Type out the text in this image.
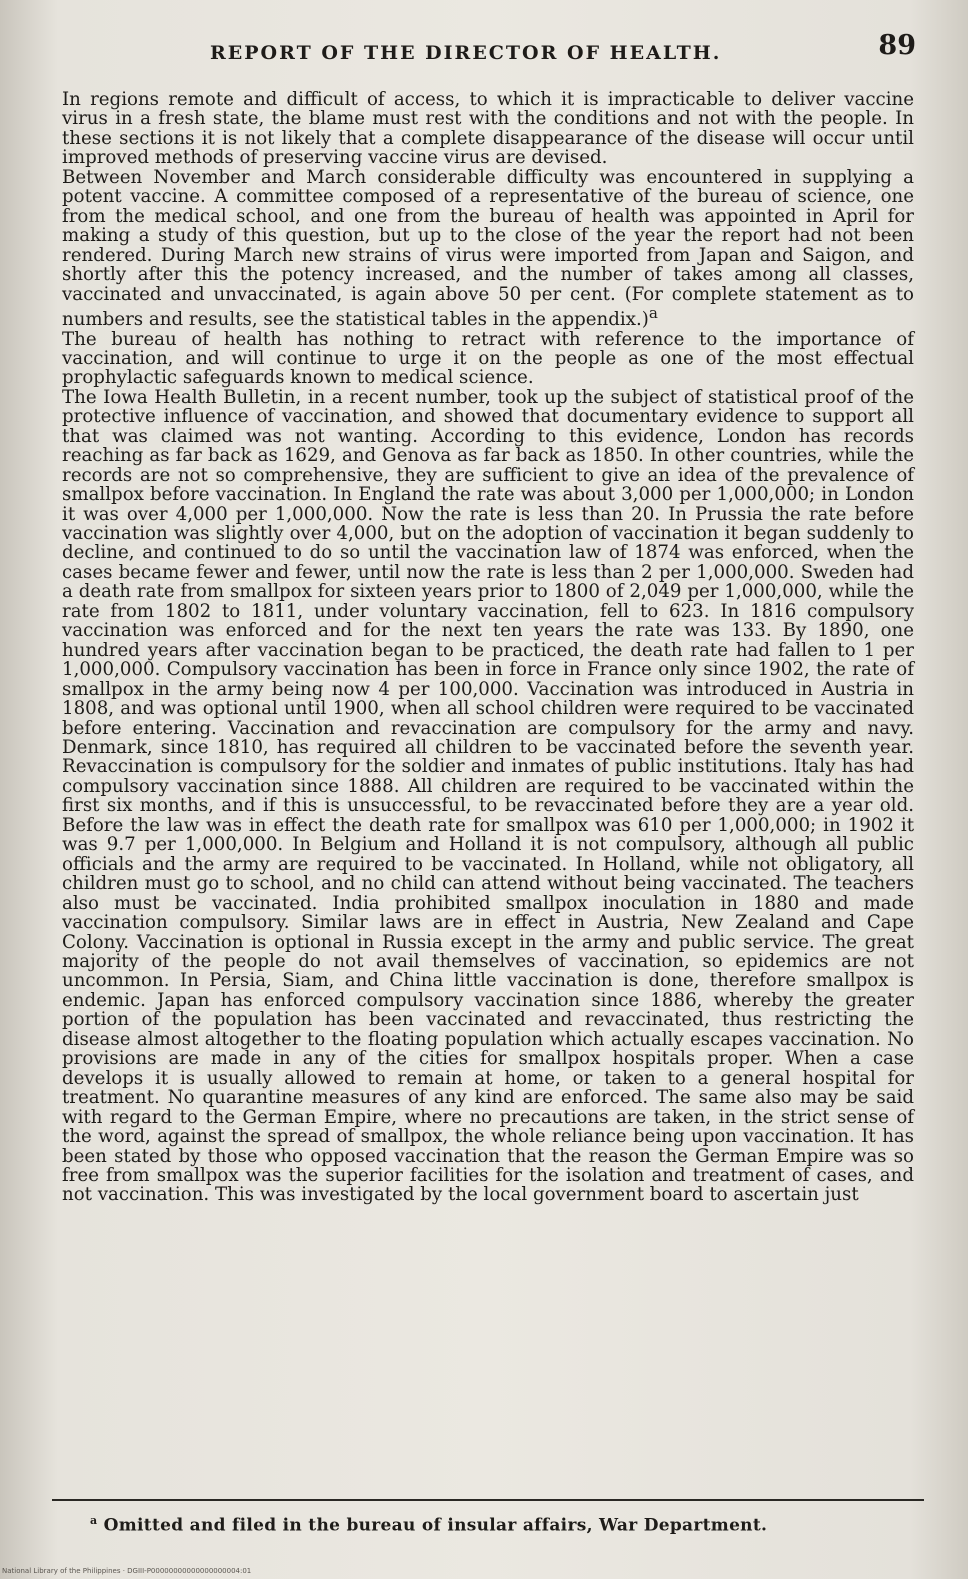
REPORT OF THE DIRECTOR OF HEALTH.	89

In regions remote and difficult of access, to which it is impracticable to deliver vaccine virus in a fresh state, the blame must rest with the conditions and not with the people. In these sections it is not likely that a complete disappearance of the disease will occur until improved methods of preserving vaccine virus are devised.

Between November and March considerable difficulty was encountered in supplying a potent vaccine. A committee composed of a representative of the bureau of science, one from the medical school, and one from the bureau of health was appointed in April for making a study of this question, but up to the close of the year the report had not been rendered. During March new strains of virus were imported from Japan and Saigon, and shortly after this the potency increased, and the number of takes among all classes, vaccinated and unvaccinated, is again above 50 per cent. (For complete statement as to numbers and results, see the statistical tables in the appendix.)$^a$

The bureau of health has nothing to retract with reference to the importance of vaccination, and will continue to urge it on the people as one of the most effectual prophylactic safeguards known to medical science.

The Iowa Health Bulletin, in a recent number, took up the subject of statistical proof of the protective influence of vaccination, and showed that documentary evidence to support all that was claimed was not wanting. According to this evidence, London has records reaching as far back as 1629, and Genova as far back as 1850. In other countries, while the records are not so comprehensive, they are sufficient to give an idea of the prevalence of smallpox before vaccination. In England the rate was about 3,000 per 1,000,000; in London it was over 4,000 per 1,000,000. Now the rate is less than 20. In Prussia the rate before vaccination was slightly over 4,000, but on the adoption of vaccination it began suddenly to decline, and continued to do so until the vaccination law of 1874 was enforced, when the cases became fewer and fewer, until now the rate is less than 2 per 1,000,000. Sweden had a death rate from smallpox for sixteen years prior to 1800 of 2,049 per 1,000,000, while the rate from 1802 to 1811, under voluntary vaccination, fell to 623. In 1816 compulsory vaccination was enforced and for the next ten years the rate was 133. By 1890, one hundred years after vaccination began to be practiced, the death rate had fallen to 1 per 1,000,000. Compulsory vaccination has been in force in France only since 1902, the rate of smallpox in the army being now 4 per 100,000. Vaccination was introduced in Austria in 1808, and was optional until 1900, when all school children were required to be vaccinated before entering. Vaccination and revaccination are compulsory for the army and navy. Denmark, since 1810, has required all children to be vaccinated before the seventh year. Revaccination is compulsory for the soldier and inmates of public institutions. Italy has had compulsory vaccination since 1888. All children are required to be vaccinated within the first six months, and if this is unsuccessful, to be revaccinated before they are a year old. Before the law was in effect the death rate for smallpox was 610 per 1,000,000; in 1902 it was 9.7 per 1,000,000. In Belgium and Holland it is not compulsory, although all public officials and the army are required to be vaccinated. In Holland, while not obligatory, all children must go to school, and no child can attend without being vaccinated. The teachers also must be vaccinated. India prohibited smallpox inoculation in 1880 and made vaccination compulsory. Similar laws are in effect in Austria, New Zealand and Cape Colony. Vaccination is optional in Russia except in the army and public service. The great majority of the people do not avail themselves of vaccination, so epidemics are not uncommon. In Persia, Siam, and China little vaccination is done, therefore smallpox is endemic. Japan has enforced compulsory vaccination since 1886, whereby the greater portion of the population has been vaccinated and revaccinated, thus restricting the disease almost altogether to the floating population which actually escapes vaccination. No provisions are made in any of the cities for smallpox hospitals proper. When a case develops it is usually allowed to remain at home, or taken to a general hospital for treatment. No quarantine measures of any kind are enforced. The same also may be said with regard to the German Empire, where no precautions are taken, in the strict sense of the word, against the spread of smallpox, the whole reliance being upon vaccination. It has been stated by those who opposed vaccination that the reason the German Empire was so free from smallpox was the superior facilities for the isolation and treatment of cases, and not vaccination. This was investigated by the local government board to ascertain just

$^a$ Omitted and filed in the bureau of insular affairs, War Department.
National Library of the Philippines · DGIII-P00000000000000000004:01
